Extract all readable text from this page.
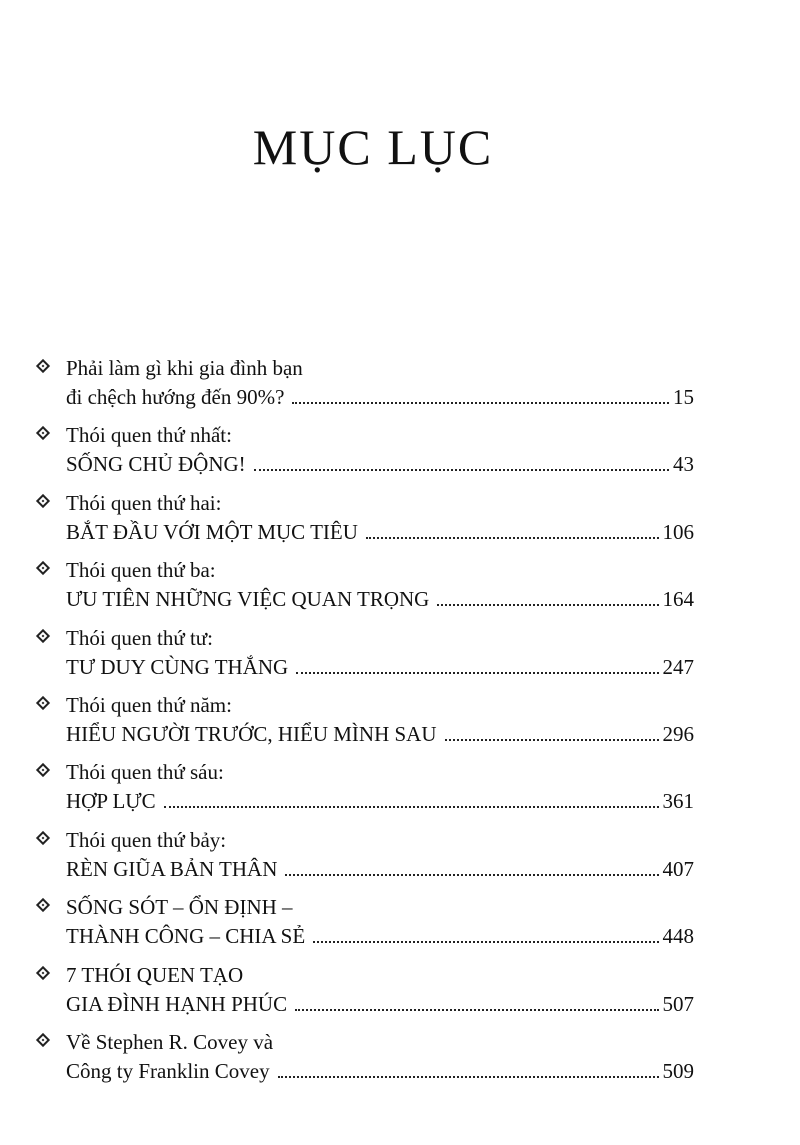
MỤC LỤC
Phải làm gì khi gia đình bạn
đi chệch hướng đến 90%?	15
Thói quen thứ nhất:
SỐNG CHỦ ĐỘNG!	43
Thói quen thứ hai:
BẮT ĐẦU VỚI MỘT MỤC TIÊU	106
Thói quen thứ ba:
ƯU TIÊN NHỮNG VIỆC QUAN TRỌNG	164
Thói quen thứ tư:
TƯ DUY CÙNG THẮNG	247
Thói quen thứ năm:
HIỂU NGƯỜI TRƯỚC, HIỂU MÌNH SAU	296
Thói quen thứ sáu:
HỢP LỰC	361
Thói quen thứ bảy:
RÈN GIŨA BẢN THÂN	407
SỐNG SÓT – ỔN ĐỊNH –
THÀNH CÔNG – CHIA SẺ	448
7 THÓI QUEN TẠO
GIA ĐÌNH HẠNH PHÚC	507
Về Stephen R. Covey và
Công ty Franklin Covey	509
